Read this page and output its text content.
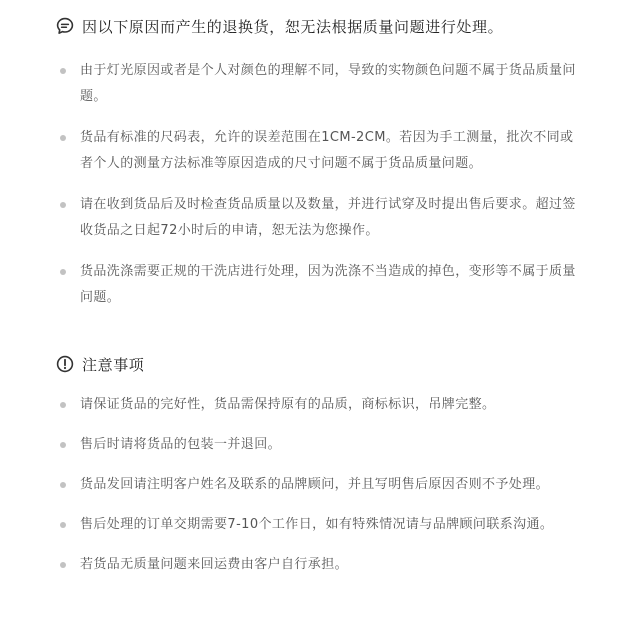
因以下原因而产生的退换货，恕无法根据质量问题进行处理。
由于灯光原因或者是个人对颜色的理解不同，导致的实物颜色问题不属于货品质量问题。
货品有标准的尺码表，允许的误差范围在1CM-2CM。若因为手工测量，批次不同或者个人的测量方法标准等原因造成的尺寸问题不属于货品质量问题。
请在收到货品后及时检查货品质量以及数量，并进行试穿及时提出售后要求。超过签收货品之日起72小时后的申请，恕无法为您操作。
货品洗涤需要正规的干洗店进行处理，因为洗涤不当造成的掉色，变形等不属于质量问题。
注意事项
请保证货品的完好性，货品需保持原有的品质，商标标识，吊牌完整。
售后时请将货品的包装一并退回。
货品发回请注明客户姓名及联系的品牌顾问，并且写明售后原因否则不予处理。
售后处理的订单交期需要7-10个工作日，如有特殊情况请与品牌顾问联系沟通。
若货品无质量问题来回运费由客户自行承担。
